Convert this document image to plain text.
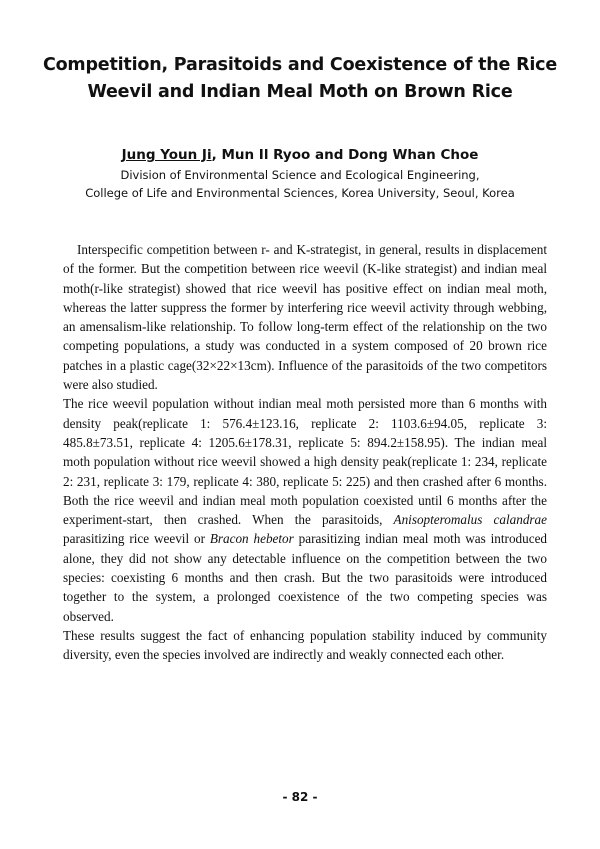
Competition, Parasitoids and Coexistence of the Rice
Weevil and Indian Meal Moth on Brown Rice
Jung Youn Ji, Mun Il Ryoo and Dong Whan Choe
Division of Environmental Science and Ecological Engineering,
College of Life and Environmental Sciences, Korea University, Seoul, Korea

Interspecific competition between r- and K-strategist, in general, results in displacement of the former. But the competition between rice weevil (K-like strategist) and indian meal moth(r-like strategist) showed that rice weevil has positive effect on indian meal moth, whereas the latter suppress the former by interfering rice weevil activity through webbing, an amensalism-like relationship. To follow long-term effect of the relationship on the two competing populations, a study was conducted in a system composed of 20 brown rice patches in a plastic cage(32×22×13cm). Influence of the parasitoids of the two competitors were also studied.

The rice weevil population without indian meal moth persisted more than 6 months with density peak(replicate 1: 576.4±123.16, replicate 2: 1103.6±94.05, replicate 3: 485.8±73.51, replicate 4: 1205.6±178.31, replicate 5: 894.2±158.95). The indian meal moth population without rice weevil showed a high density peak(replicate 1: 234, replicate 2: 231, replicate 3: 179, replicate 4: 380, replicate 5: 225) and then crashed after 6 months. Both the rice weevil and indian meal moth population coexisted until 6 months after the experiment-start, then crashed. When the parasitoids, Anisopteromalus calandrae parasitizing rice weevil or Bracon hebetor parasitizing indian meal moth was introduced alone, they did not show any detectable influence on the competition between the two species: coexisting 6 months and then crash. But the two parasitoids were introduced together to the system, a prolonged coexistence of the two competing species was observed.

These results suggest the fact of enhancing population stability induced by community diversity, even the species involved are indirectly and weakly connected each other.

- 82 -
